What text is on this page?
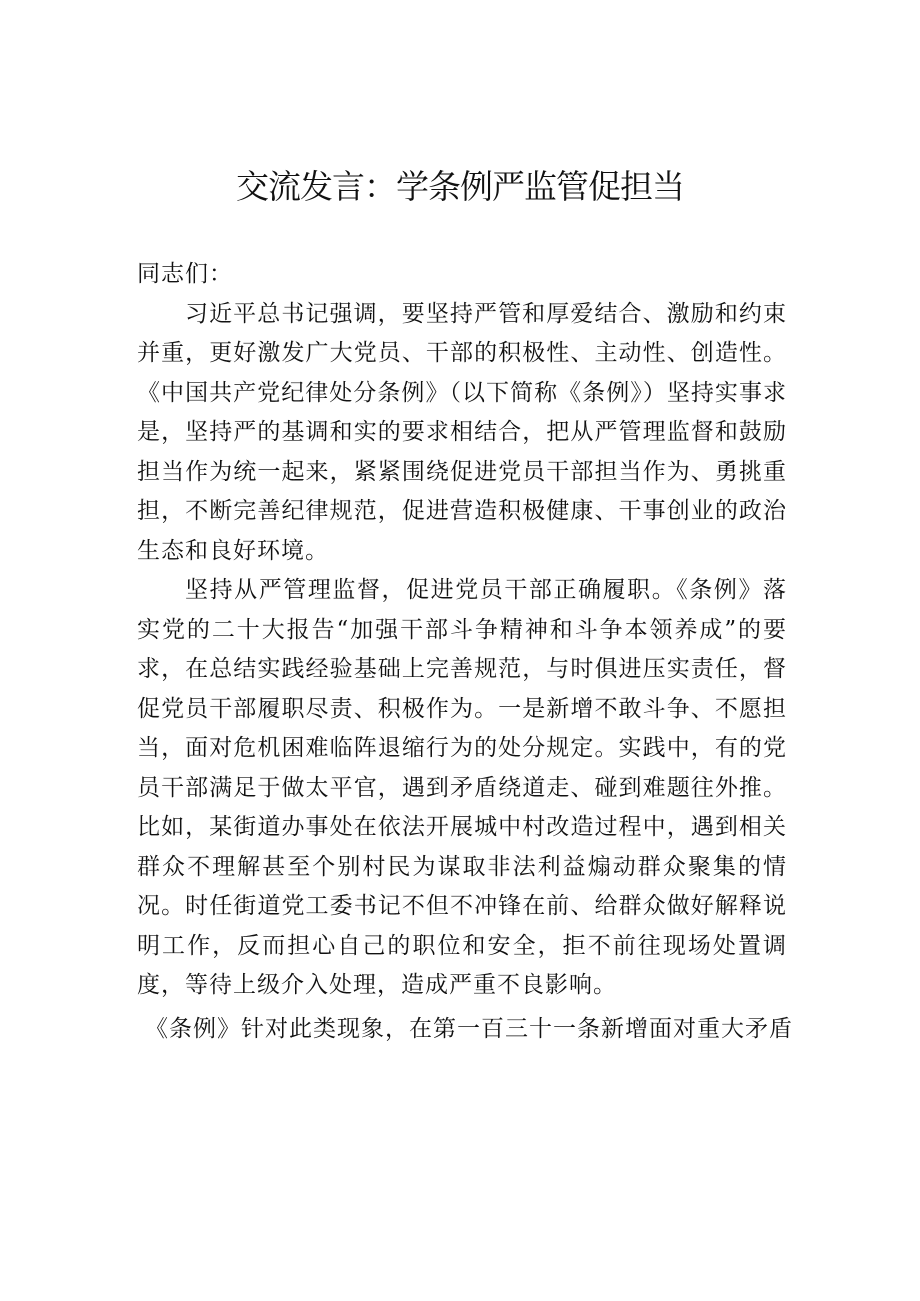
交流发言：学条例严监管促担当

同志们：

习近平总书记强调，要坚持严管和厚爱结合、激励和约束并重，更好激发广大党员、干部的积极性、主动性、创造性。《中国共产党纪律处分条例》（以下简称《条例》）坚持实事求是，坚持严的基调和实的要求相结合，把从严管理监督和鼓励担当作为统一起来，紧紧围绕促进党员干部担当作为、勇挑重担，不断完善纪律规范，促进营造积极健康、干事创业的政治生态和良好环境。

坚持从严管理监督，促进党员干部正确履职。《条例》落实党的二十大报告“加强干部斗争精神和斗争本领养成”的要求，在总结实践经验基础上完善规范，与时俱进压实责任，督促党员干部履职尽责、积极作为。一是新增不敢斗争、不愿担当，面对危机困难临阵退缩行为的处分规定。实践中，有的党员干部满足于做太平官，遇到矛盾绕道走、碰到难题往外推。比如，某街道办事处在依法开展城中村改造过程中，遇到相关群众不理解甚至个别村民为谋取非法利益煽动群众聚集的情况。时任街道党工委书记不但不冲锋在前、给群众做好解释说明工作，反而担心自己的职位和安全，拒不前往现场处置调度，等待上级介入处理，造成严重不良影响。

《条例》针对此类现象，在第一百三十一条新增面对重大矛盾
